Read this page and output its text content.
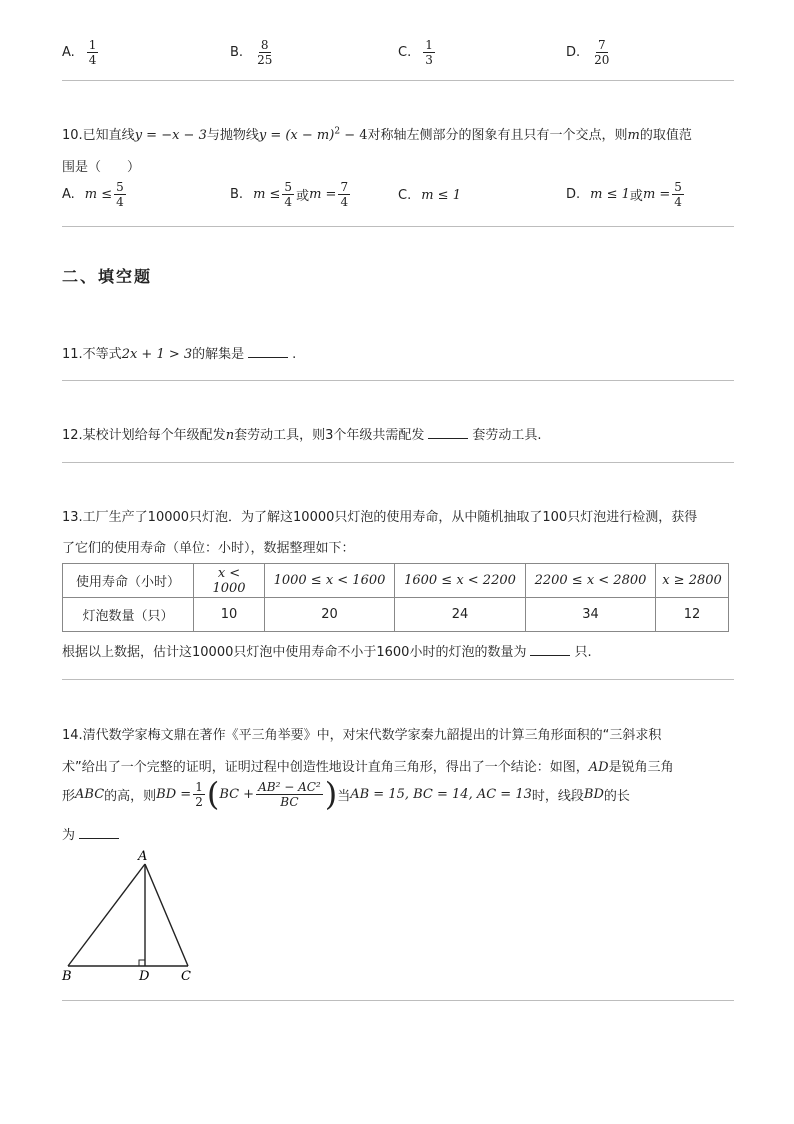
A. $\frac{1}{4}$	B. $\frac{8}{25}$	C. $\frac{1}{3}$	D. $\frac{7}{20}$
10.已知直线y = −x − 3与抛物线$y = (x - m)^2 - 4$对称轴左侧部分的图象有且只有一个交点，则m的取值范
围是（　　）
A. $m \le \frac{5}{4}$	B. $m \le \frac{5}{4}$ 或 $m = \frac{7}{4}$	C. m ≤ 1	D. m ≤ 1 或 $m = \frac{5}{4}$
二、填空题
11.不等式2x + 1 > 3的解集是	.
12.某校计划给每个年级配发n套劳动工具，则3个年级共需配发	套劳动工具.
13.工厂生产了10000只灯泡．为了解这10000只灯泡的使用寿命，从中随机抽取了100只灯泡进行检测，获得
了它们的使用寿命（单位：小时），数据整理如下：
使用寿命（小时）	x < 1000	1000 ≤ x < 1600	1600 ≤ x < 2200	2200 ≤ x < 2800	x ≥ 2800
灯泡数量（只）	10	20	24	34	12
根据以上数据，估计这10000只灯泡中使用寿命不小于1600小时的灯泡的数量为	只.
14.清代数学家梅文鼎在著作《平三角举要》中，对宋代数学家秦九韶提出的计算三角形面积的“三斜求积
术”给出了一个完整的证明，证明过程中创造性地设计直角三角形，得出了一个结论：如图，AD是锐角三角
形 ABC 的高，则 BD = $\frac{1}{2}$ ( BC + $\frac{\text{AB² − AC²}}{BC}$ ) 当 AB = 15, BC = 14, AC = 13 时，线段 BD 的长
为
A
B	D C
